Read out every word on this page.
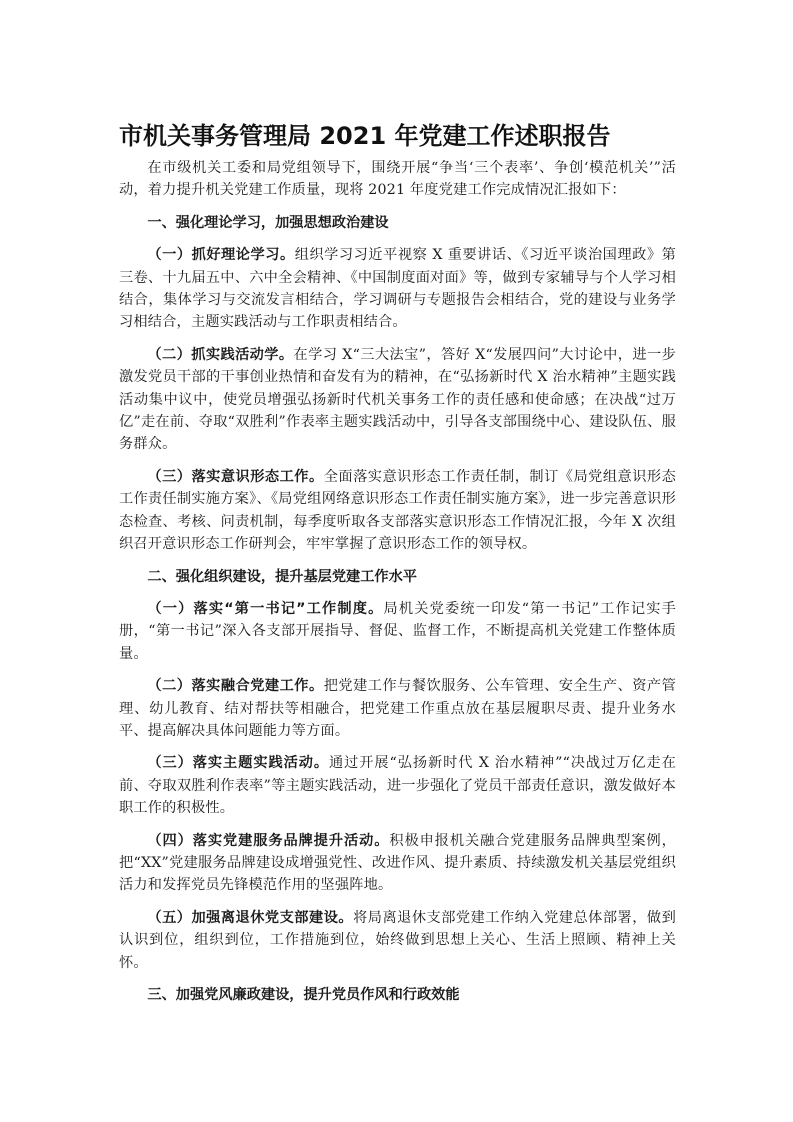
市机关事务管理局 2021 年党建工作述职报告

在市级机关工委和局党组领导下，围绕开展“争当‘三个表率’、争创‘模范机关’”活动，着力提升机关党建工作质量，现将 2021 年度党建工作完成情况汇报如下：

一、强化理论学习，加强思想政治建设

（一）抓好理论学习。组织学习习近平视察 X 重要讲话、《习近平谈治国理政》第三卷、十九届五中、六中全会精神、《中国制度面对面》等，做到专家辅导与个人学习相结合，集体学习与交流发言相结合，学习调研与专题报告会相结合，党的建设与业务学习相结合，主题实践活动与工作职责相结合。

（二）抓实践活动学。在学习 X“三大法宝”，答好 X“发展四问”大讨论中，进一步激发党员干部的干事创业热情和奋发有为的精神，在“弘扬新时代 X 治水精神”主题实践活动集中议中，使党员增强弘扬新时代机关事务工作的责任感和使命感；在决战“过万亿”走在前、夺取“双胜利”作表率主题实践活动中，引导各支部围绕中心、建设队伍、服务群众。

（三）落实意识形态工作。全面落实意识形态工作责任制，制订《局党组意识形态工作责任制实施方案》、《局党组网络意识形态工作责任制实施方案》，进一步完善意识形态检查、考核、问责机制，每季度听取各支部落实意识形态工作情况汇报，今年 X 次组织召开意识形态工作研判会，牢牢掌握了意识形态工作的领导权。

二、强化组织建设，提升基层党建工作水平

（一）落实“第一书记”工作制度。局机关党委统一印发“第一书记”工作记实手册，“第一书记”深入各支部开展指导、督促、监督工作，不断提高机关党建工作整体质量。

（二）落实融合党建工作。把党建工作与餐饮服务、公车管理、安全生产、资产管理、幼儿教育、结对帮扶等相融合，把党建工作重点放在基层履职尽责、提升业务水平、提高解决具体问题能力等方面。

（三）落实主题实践活动。通过开展“弘扬新时代 X 治水精神”“决战过万亿走在前、夺取双胜利作表率”等主题实践活动，进一步强化了党员干部责任意识，激发做好本职工作的积极性。

（四）落实党建服务品牌提升活动。积极申报机关融合党建服务品牌典型案例，把“XX”党建服务品牌建设成增强党性、改进作风、提升素质、持续激发机关基层党组织活力和发挥党员先锋模范作用的坚强阵地。

（五）加强离退休党支部建设。将局离退休支部党建工作纳入党建总体部署，做到认识到位，组织到位，工作措施到位，始终做到思想上关心、生活上照顾、精神上关怀。

三、加强党风廉政建设，提升党员作风和行政效能
